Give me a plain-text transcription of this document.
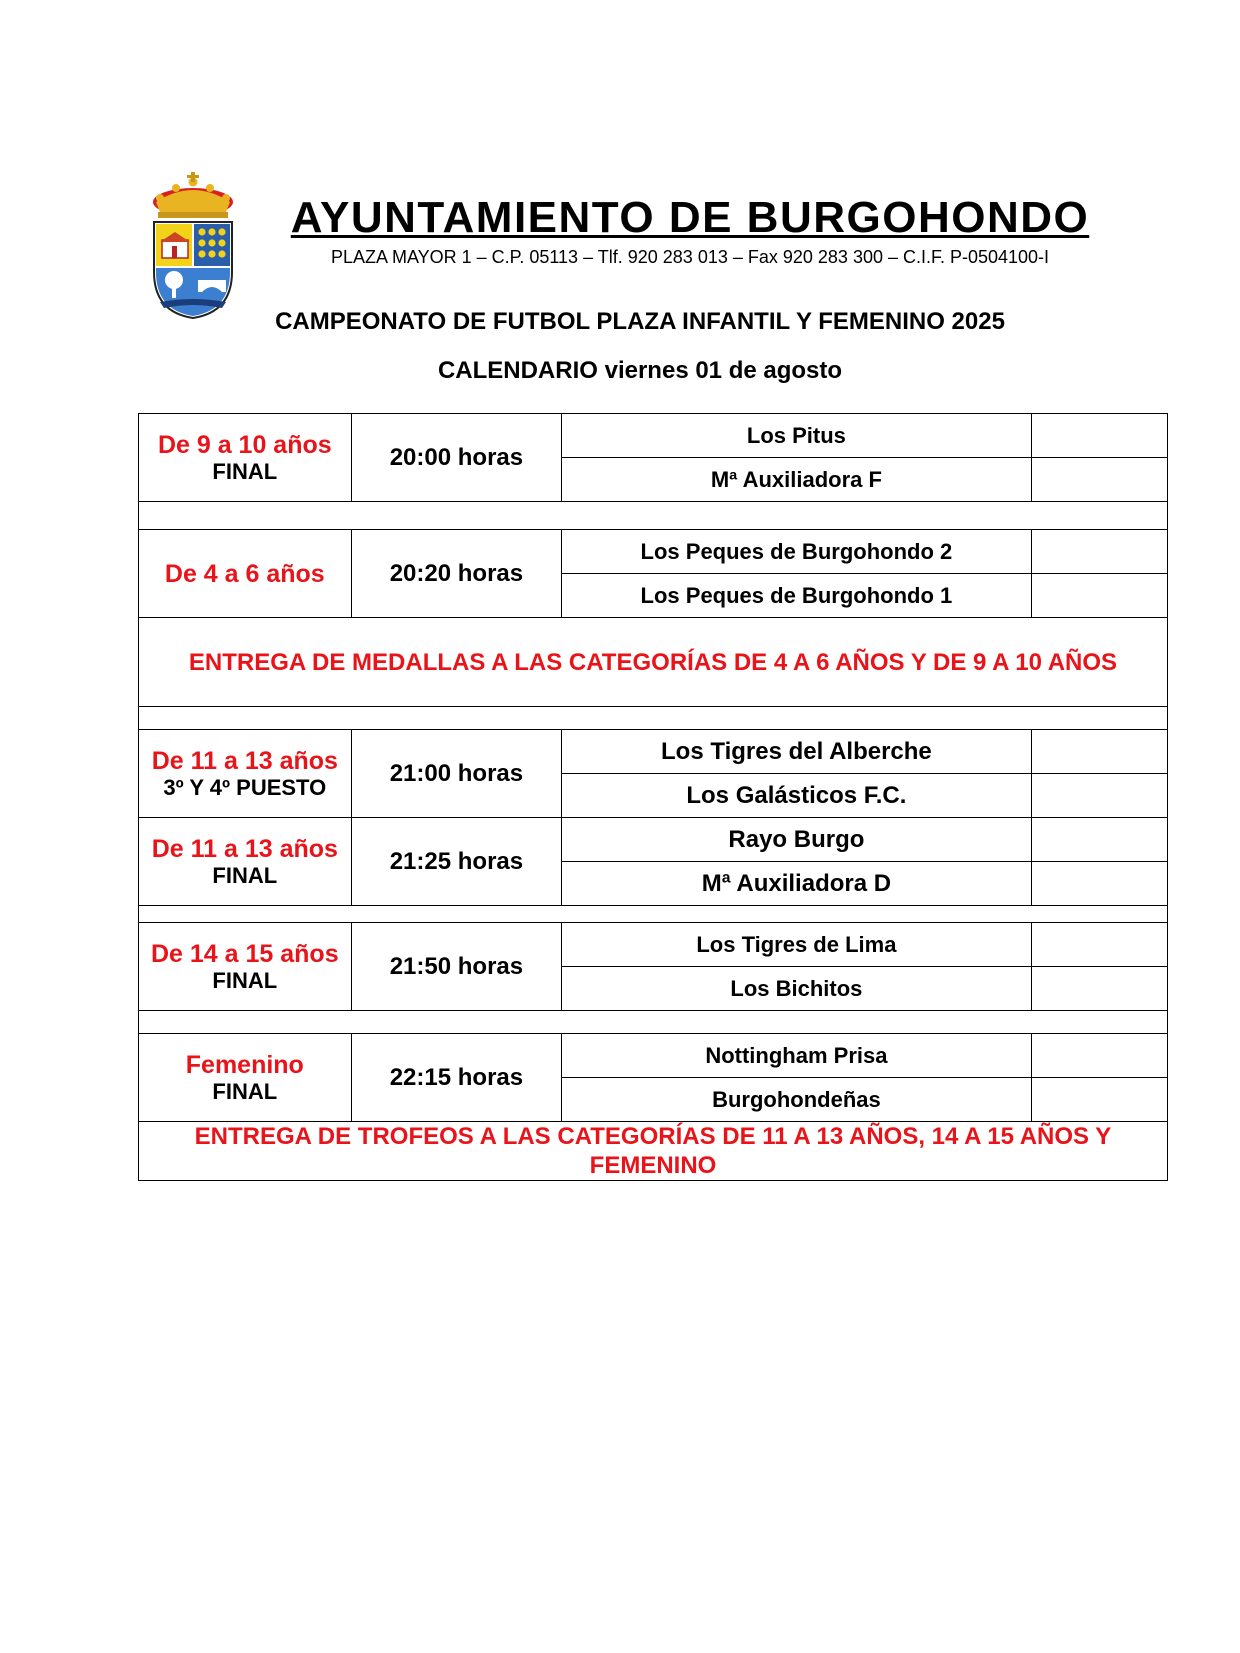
AYUNTAMIENTO DE BURGOHONDO
PLAZA MAYOR 1 – C.P. 05113 – Tlf. 920 283 013 – Fax 920 283 300 – C.I.F. P-0504100-I
CAMPEONATO DE FUTBOL PLAZA INFANTIL Y FEMENINO 2025
CALENDARIO viernes 01 de agosto
De 9 a 10 años
FINAL	20:00 horas	Los Pitus	
		Mª Auxiliadora F	

De 4 a 6 años	20:20 horas	Los Peques de Burgohondo 2	
		Los Peques de Burgohondo 1	
ENTREGA DE MEDALLAS A LAS CATEGORÍAS DE 4 A 6 AÑOS Y DE 9 A 10 AÑOS			

De 11 a 13 años
3º Y 4º PUESTO	21:00 horas	Los Tigres del Alberche	
		Los Galásticos F.C.	

De 11 a 13 años
FINAL	21:25 horas	Rayo Burgo	
		Mª Auxiliadora D	

De 14 a 15 años
FINAL	21:50 horas	Los Tigres de Lima	
		Los Bichitos	

Femenino
FINAL	22:15 horas	Nottingham Prisa	
		Burgohondeñas	
ENTREGA DE TROFEOS A LAS CATEGORÍAS DE 11 A 13 AÑOS, 14 A 15 AÑOS Y FEMENINO			
